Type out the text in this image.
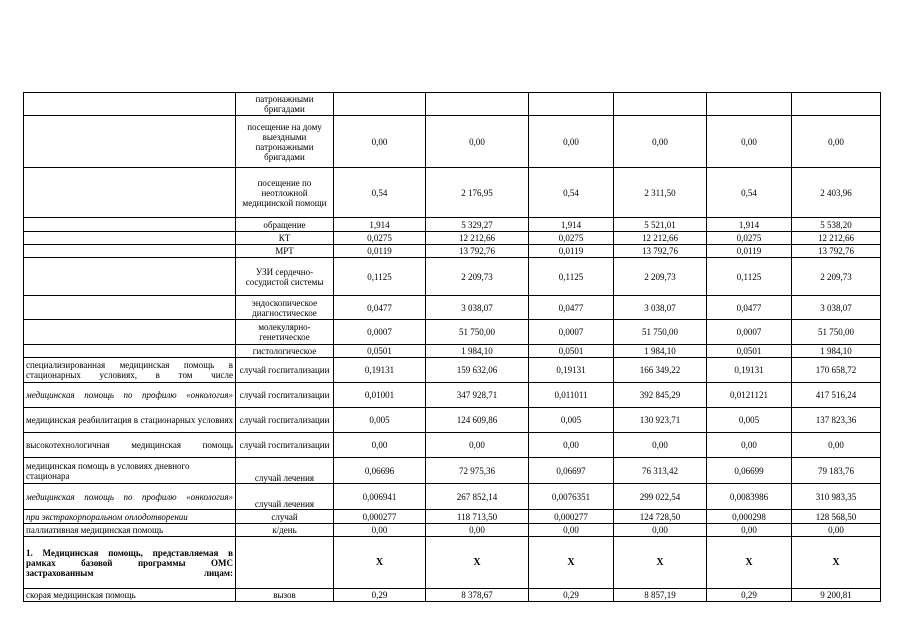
	патронажными бригадами						
	посещение на дому выездными патронажными бригадами	0,00	0,00	0,00	0,00	0,00	0,00
	посещение по неотложной медицинской помощи	0,54	2 176,95	0,54	2 311,50	0,54	2 403,96
	обращение	1,914	5 329,27	1,914	5 521,01	1,914	5 538,20
	КТ	0,0275	12 212,66	0,0275	12 212,66	0,0275	12 212,66
	МРТ	0,0119	13 792,76	0,0119	13 792,76	0,0119	13 792,76
	УЗИ сердечно-сосудистой системы	0,1125	2 209,73	0,1125	2 209,73	0,1125	2 209,73
	эндоскопическое диагностическое	0,0477	3 038,07	0,0477	3 038,07	0,0477	3 038,07
	молекулярно-генетическое	0,0007	51 750,00	0,0007	51 750,00	0,0007	51 750,00
	гистологическое	0,0501	1 984,10	0,0501	1 984,10	0,0501	1 984,10
специализированная медицинская помощь в стационарных условиях, в том числе	случай госпитализации	0,19131	159 632,06	0,19131	166 349,22	0,19131	170 658,72
медицинская помощь по профилю «онкология»	случай госпитализации	0,01001	347 928,71	0,011011	392 845,29	0,0121121	417 516,24
медицинская реабилитация в стационарных условиях	случай госпитализации	0,005	124 609,86	0,005	130 923,71	0,005	137 823,36
высокотехнологичная медицинская помощь	случай госпитализации	0,00	0,00	0,00	0,00	0,00	0,00
медицинская помощь в условиях дневного стационара	случай лечения	0,06696	72 975,36	0,06697	76 313,42	0,06699	79 183,76
медицинская помощь по профилю «онкология»	случай лечения	0,006941	267 852,14	0,0076351	299 022,54	0,0083986	310 983,35
при экстракорпоральном оплодотворении	случай	0,000277	118 713,50	0,000277	124 728,50	0,000298	128 568,50
паллиативная медицинская помощь	к/день	0,00	0,00	0,00	0,00	0,00	0,00
1. Медицинская помощь, представляемая в рамках базовой программы ОМС застрахованным лицам:		X	X	X	X	X	X
скорая медицинская помощь	вызов	0,29	8 378,67	0,29	8 857,19	0,29	9 200,81
